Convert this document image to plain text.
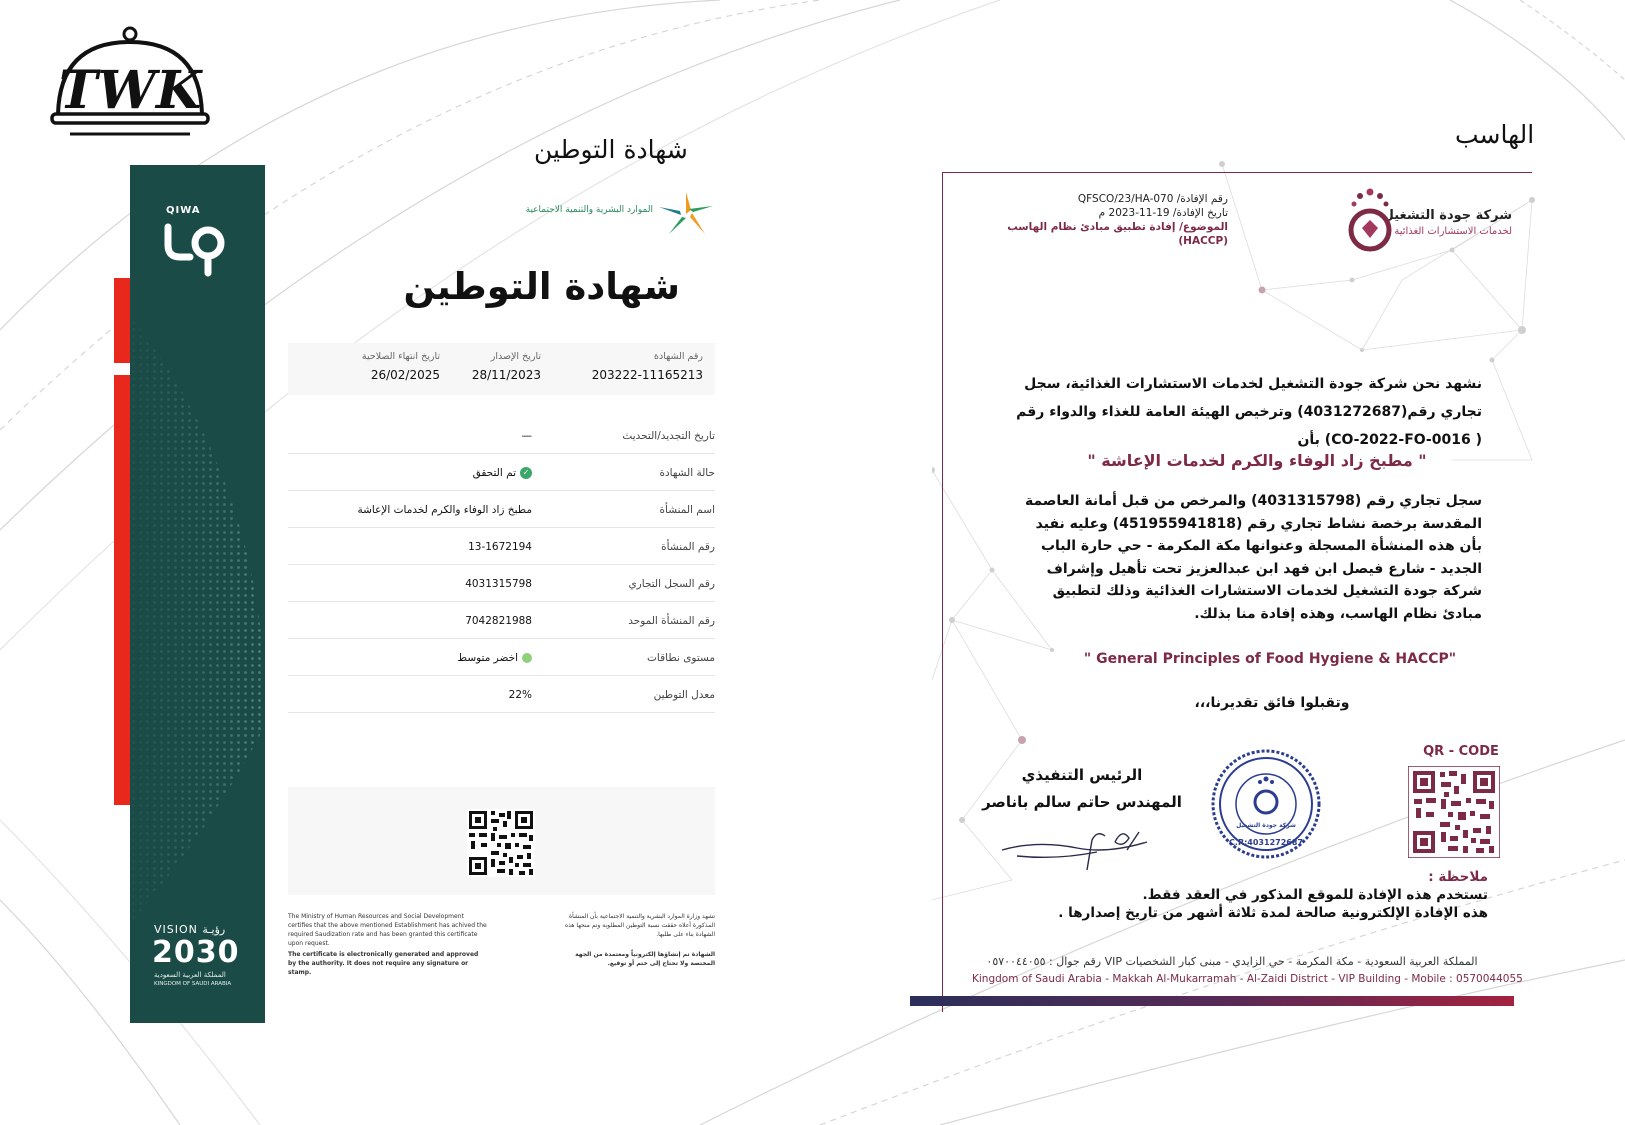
TWK
شهادة التوطين
الهاسب
QIWA
VISION رؤيـة
2030
المملكة العربية السعودية
KINGDOM OF SAUDI ARABIA
الموارد البشرية والتنمية الاجتماعية
شهادة التوطين
رقم الشهادة
203222-11165213
تاريخ الإصدار
28/11/2023
تاريخ انتهاء الصلاحية
26/02/2025
تاريخ التجديد/التحديث
—
حالة الشهادة
✓
تم التحقق
اسم المنشأة
مطبخ زاد الوفاء والكرم لخدمات الإعاشة
رقم المنشأة
13-1672194
رقم السجل التجاري
4031315798
رقم المنشأة الموحد
7042821988
مستوى نطاقات
اخضر متوسط
معدل التوطين
22%
The Ministry of Human Resources and Social Development certifies that the above mentioned Establishment has achived the required Saudization rate and has been granted this certificate upon request.
The certificate is electronically generated and approved by the authority. It does not require any signature or stamp.
تشهد وزارة الموارد البشرية والتنمية الاجتماعية بأن المنشأة المذكورة أعلاه حققت نسبة التوطين المطلوبة وتم منحها هذه الشهادة بناء على طلبها.
الشهادة تم إنشاؤها إلكترونياً ومعتمدة من الجهة المختصة ولا تحتاج إلى ختم أو توقيع.
رقم الإفادة/ QFSCO/23/HA-070
تاريخ الإفادة/ 19-11-2023 م
الموضوع/ إفادة تطبيق مبادئ نظام الهاسب (HACCP)
شركة جودة التشغيل
لخدمات الاستشارات الغذائية
نشهد نحن شركة جودة التشغيل لخدمات الاستشارات الغذائية، سجل تجاري رقم(4031272687) وترخيص الهيئة العامة للغذاء والدواء رقم ( CO-2022-FO-0016) بأن
" مطبخ زاد الوفاء والكرم لخدمات الإعاشة "
سجل تجاري رقم (4031315798) والمرخص من قبل أمانة العاصمة المقدسة برخصة نشاط تجاري رقم (451955941818) وعليه نفيد بأن هذه المنشأة المسجلة وعنوانها مكة المكرمة - حي حارة الباب الجديد - شارع فيصل ابن فهد ابن عبدالعزيز تحت تأهيل وإشراف شركة جودة التشغيل لخدمات الاستشارات الغذائية وذلك لتطبيق مبادئ نظام الهاسب، وهذه إفادة منا بذلك.
" General Principles of Food Hygiene & HACCP"
وتقبلوا فائق تقديرنا،،،
الرئيس التنفيذي
المهندس حاتم سالم باناصر
شركة جودة التشغيل
C.R:4031272687
QR - CODE
ملاحظة :
تستخدم هذه الإفادة للموقع المذكور في العقد فقط.
هذه الإفادة الإلكترونية صالحة لمدة ثلاثة أشهر من تاريخ إصدارها .
المملكة العربية السعودية - مكة المكرمة - حي الزايدي - مبنى كبار الشخصيات VIP رقم جوال : ٠٥٧٠٠٤٤٠٥٥
Kingdom of Saudi Arabia - Makkah Al-Mukarramah - Al-Zaidi District - VIP Building - Mobile : 0570044055
